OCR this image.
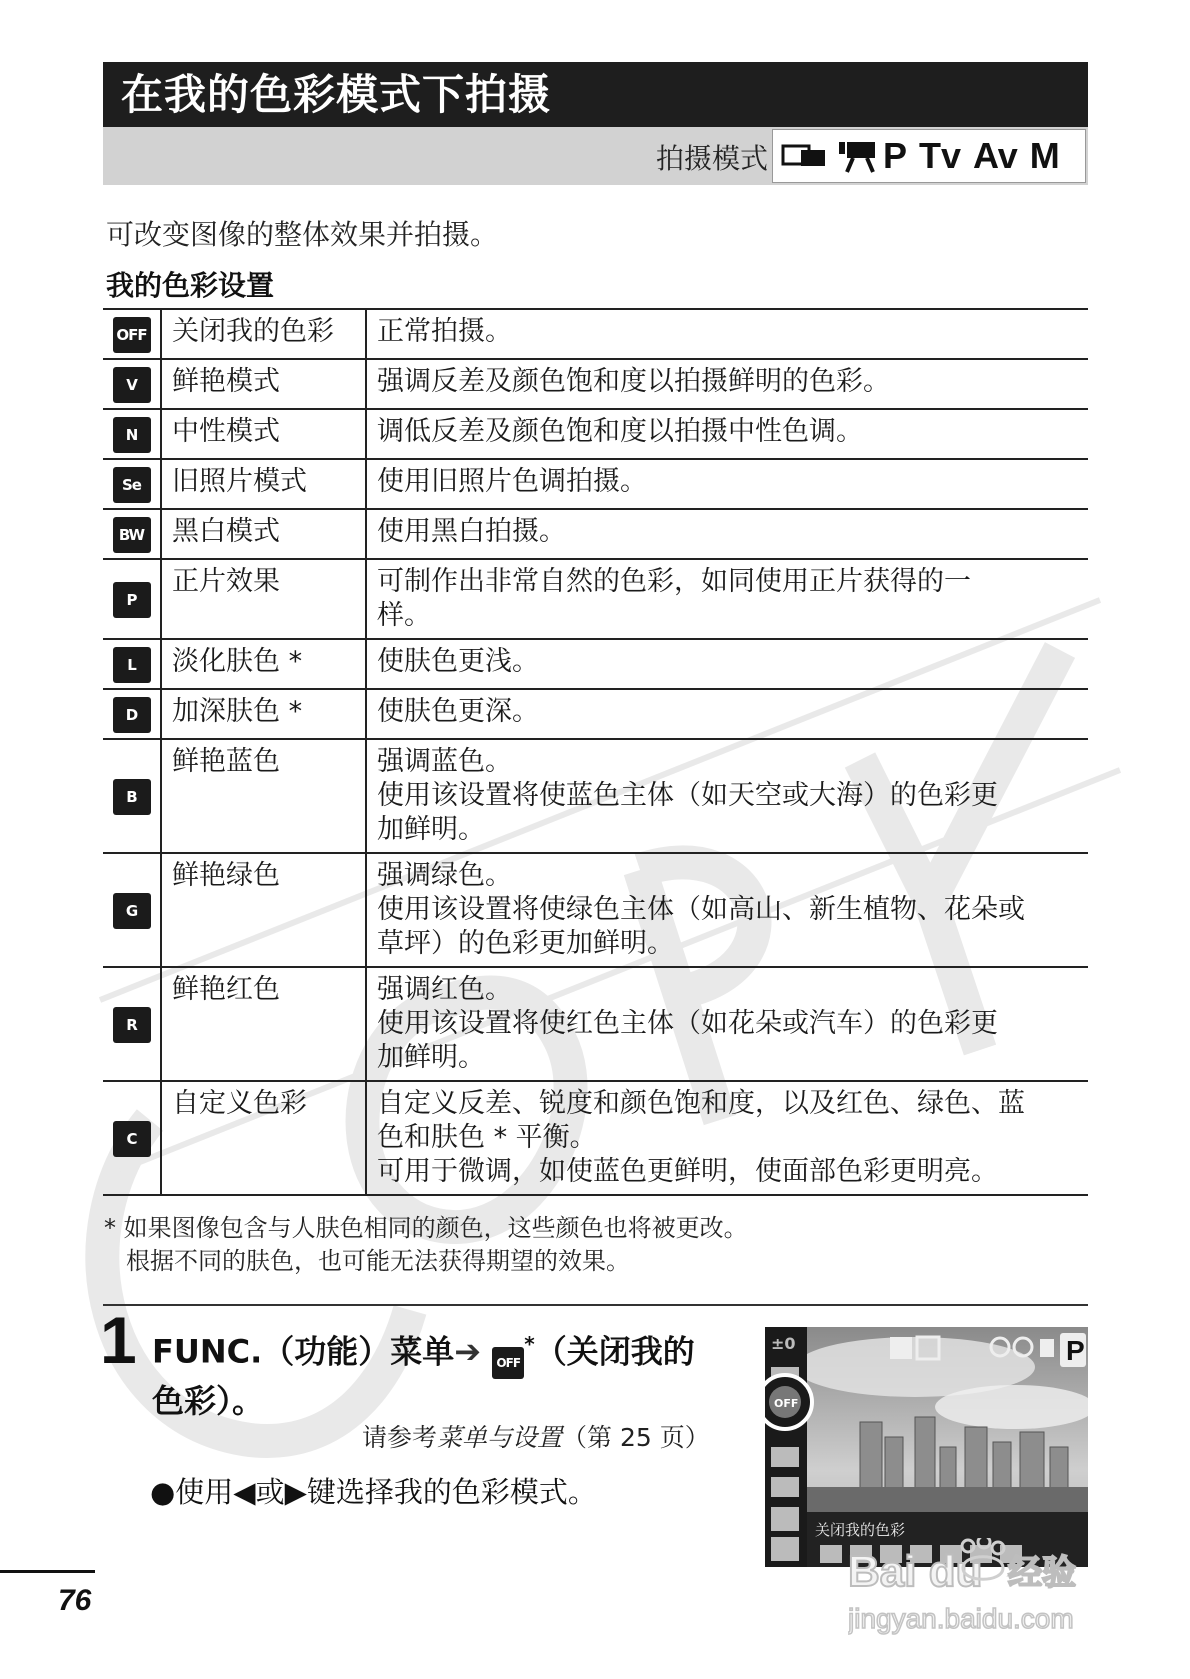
在我的色彩模式下拍摄
拍摄模式	P Tv Av M
可改变图像的整体效果并拍摄。
我的色彩设置
OFF	关闭我的色彩	正常拍摄。

V	鲜艳模式	强调反差及颜色饱和度以拍摄鲜明的色彩。

N	中性模式	调低反差及颜色饱和度以拍摄中性色调。

Se	旧照片模式	使用旧照片色调拍摄。

BW	黑白模式	使用黑白拍摄。

P	正片效果	可制作出非常自然的色彩，如同使用正片获得的一
样。

L	淡化肤色 *	使肤色更浅。

D	加深肤色 *	使肤色更深。

B	鲜艳蓝色	强调蓝色。
使用该设置将使蓝色主体（如天空或大海）的色彩更
加鲜明。

G	鲜艳绿色	强调绿色。
使用该设置将使绿色主体（如高山、新生植物、花朵或
草坪）的色彩更加鲜明。

R	鲜艳红色	强调红色。
使用该设置将使红色主体（如花朵或汽车）的色彩更
加鲜明。

C	自定义色彩	自定义反差、锐度和颜色饱和度，以及红色、绿色、蓝
色和肤色 * 平衡。
可用于微调，如使蓝色更鲜明，使面部色彩更明亮。
* 如果图像包含与人肤色相同的颜色，这些颜色也将被更改。
根据不同的肤色，也可能无法获得期望的效果。
1 FUNC.（功能）菜单➔ OFF*（关闭我的
色彩）。
请参考菜单与设置（第 25 页）
●使用◀或▶键选择我的色彩模式。
±0	P
OFF
关闭我的色彩
76
Bai du 经验
jingyan.baidu.com
